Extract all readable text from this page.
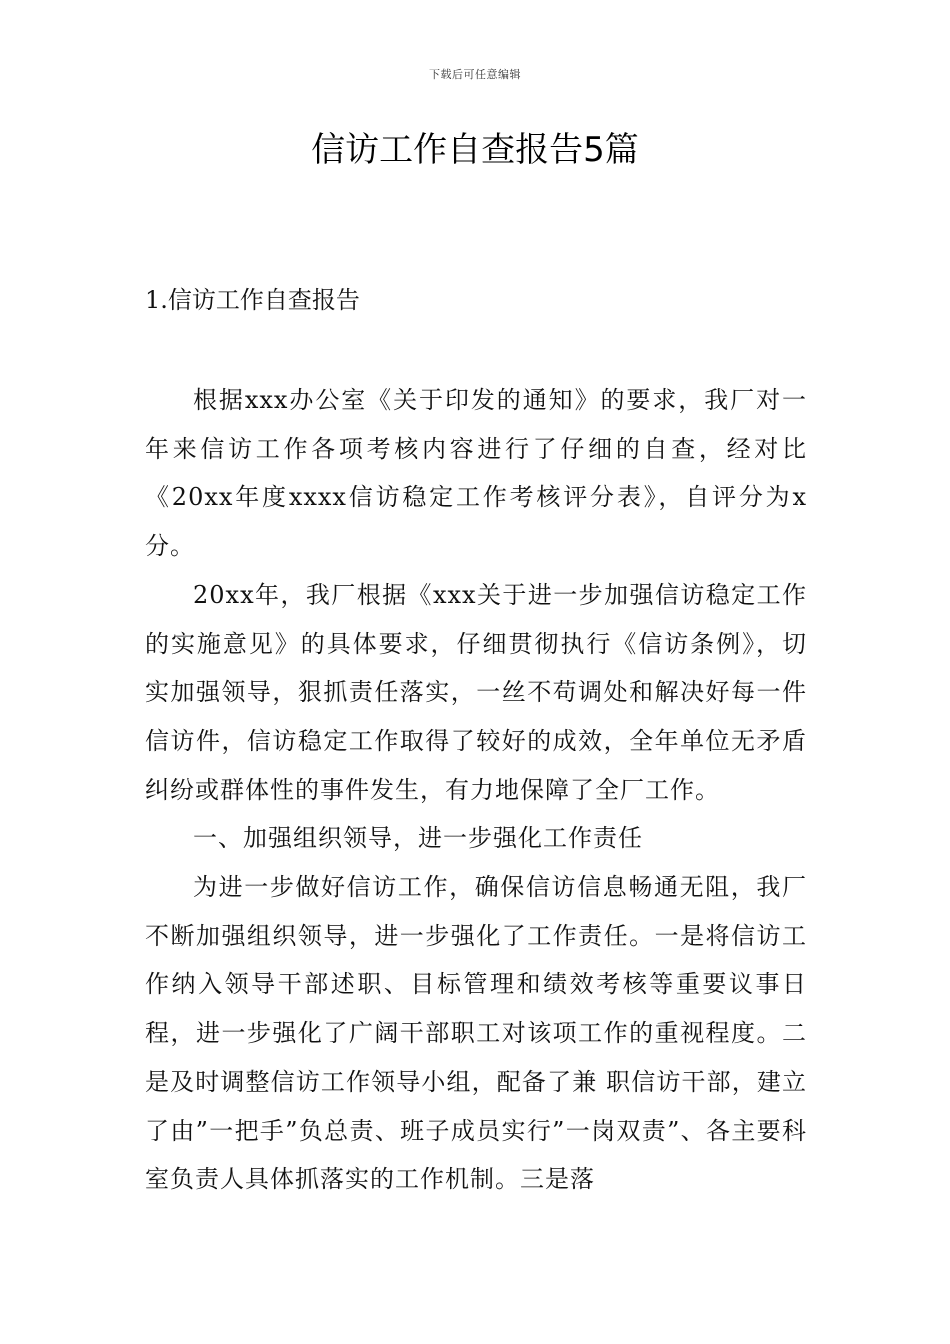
下载后可任意编辑
信访工作自查报告5篇
1.信访工作自查报告

根据xxx办公室《关于印发的通知》的要求，我厂对一年来信访工作各项考核内容进行了仔细的自查，经对比《20xx年度xxxx信访稳定工作考核评分表》，自评分为x分。

20xx年，我厂根据《xxx关于进一步加强信访稳定工作的实施意见》的具体要求，仔细贯彻执行《信访条例》，切实加强领导，狠抓责任落实，一丝不苟调处和解决好每一件信访件，信访稳定工作取得了较好的成效，全年单位无矛盾纠纷或群体性的事件发生，有力地保障了全厂工作。

一、加强组织领导，进一步强化工作责任

为进一步做好信访工作，确保信访信息畅通无阻，我厂不断加强组织领导，进一步强化了工作责任。一是将信访工作纳入领导干部述职、目标管理和绩效考核等重要议事日程，进一步强化了广阔干部职工对该项工作的重视程度。二是及时调整信访工作领导小组，配备了兼 职信访干部，建立了由”一把手”负总责、班子成员实行”一岗双责”、各主要科室负责人具体抓落实的工作机制。三是落
